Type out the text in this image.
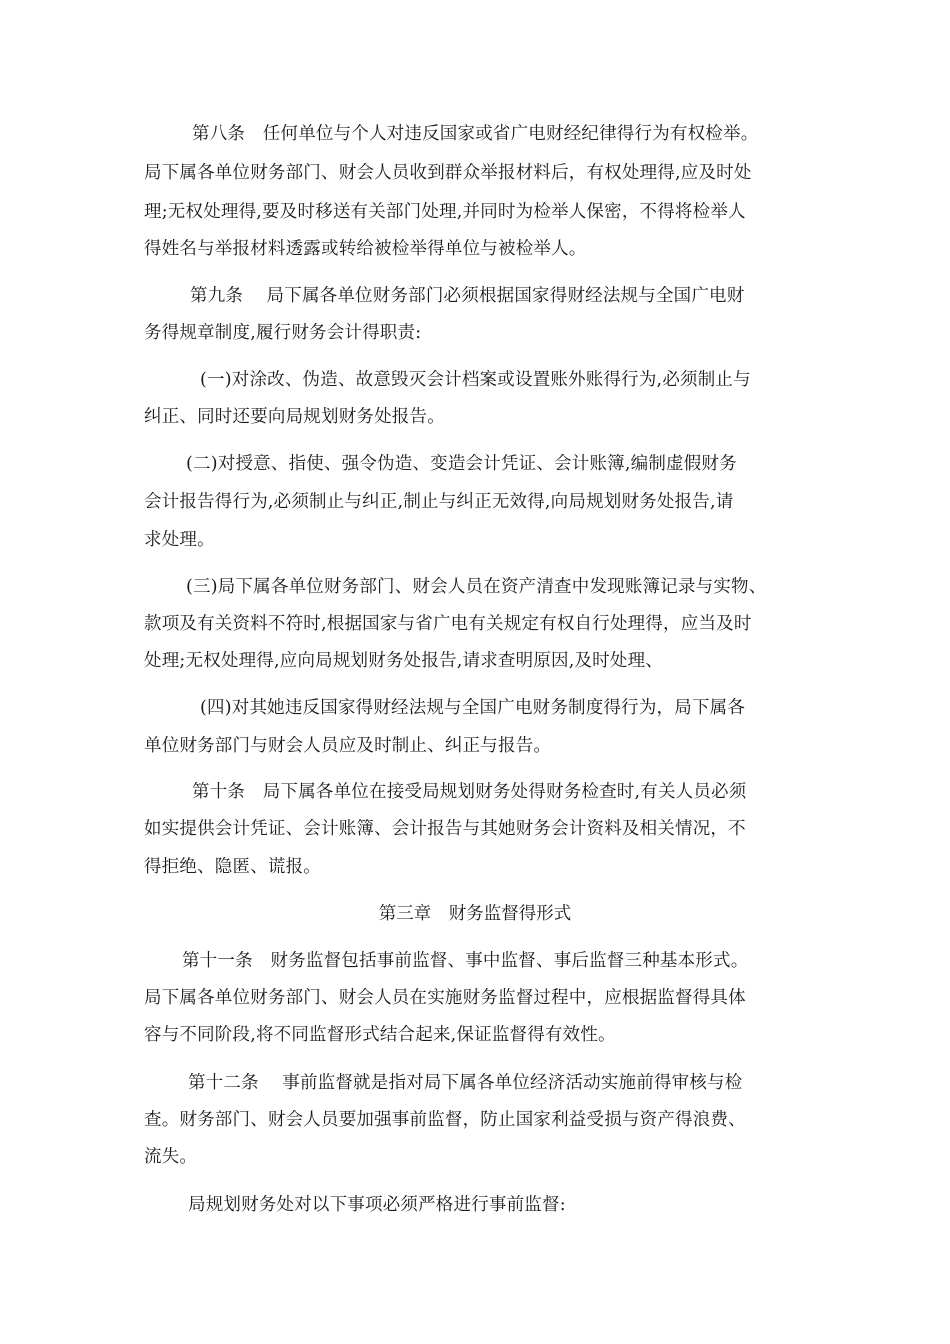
第八条　任何单位与个人对违反国家或省广电财经纪律得行为有权检举。
局下属各单位财务部门、财会人员收到群众举报材料后，有权处理得,应及时处
理;无权处理得,要及时移送有关部门处理,并同时为检举人保密，不得将检举人
得姓名与举报材料透露或转给被检举得单位与被检举人。
第九条　 局下属各单位财务部门必须根据国家得财经法规与全国广电财
务得规章制度,履行财务会计得职责:
(一)对涂改、伪造、故意毁灭会计档案或设置账外账得行为,必须制止与
纠正、同时还要向局规划财务处报告。
(二)对授意、指使、强令伪造、变造会计凭证、会计账簿,编制虚假财务
会计报告得行为,必须制止与纠正,制止与纠正无效得,向局规划财务处报告,请
求处理。
(三)局下属各单位财务部门、财会人员在资产清查中发现账簿记录与实物、
款项及有关资料不符时,根据国家与省广电有关规定有权自行处理得，应当及时
处理;无权处理得,应向局规划财务处报告,请求查明原因,及时处理、
(四)对其她违反国家得财经法规与全国广电财务制度得行为，局下属各
单位财务部门与财会人员应及时制止、纠正与报告。
第十条　局下属各单位在接受局规划财务处得财务检查时,有关人员必须
如实提供会计凭证、会计账簿、会计报告与其她财务会计资料及相关情况，不
得拒绝、隐匿、谎报。
第三章　财务监督得形式
第十一条　财务监督包括事前监督、事中监督、事后监督三种基本形式。
局下属各单位财务部门、财会人员在实施财务监督过程中，应根据监督得具体
容与不同阶段,将不同监督形式结合起来,保证监督得有效性。
第十二条　 事前监督就是指对局下属各单位经济活动实施前得审核与检
查。财务部门、财会人员要加强事前监督，防止国家利益受损与资产得浪费、
流失。
局规划财务处对以下事项必须严格进行事前监督:
